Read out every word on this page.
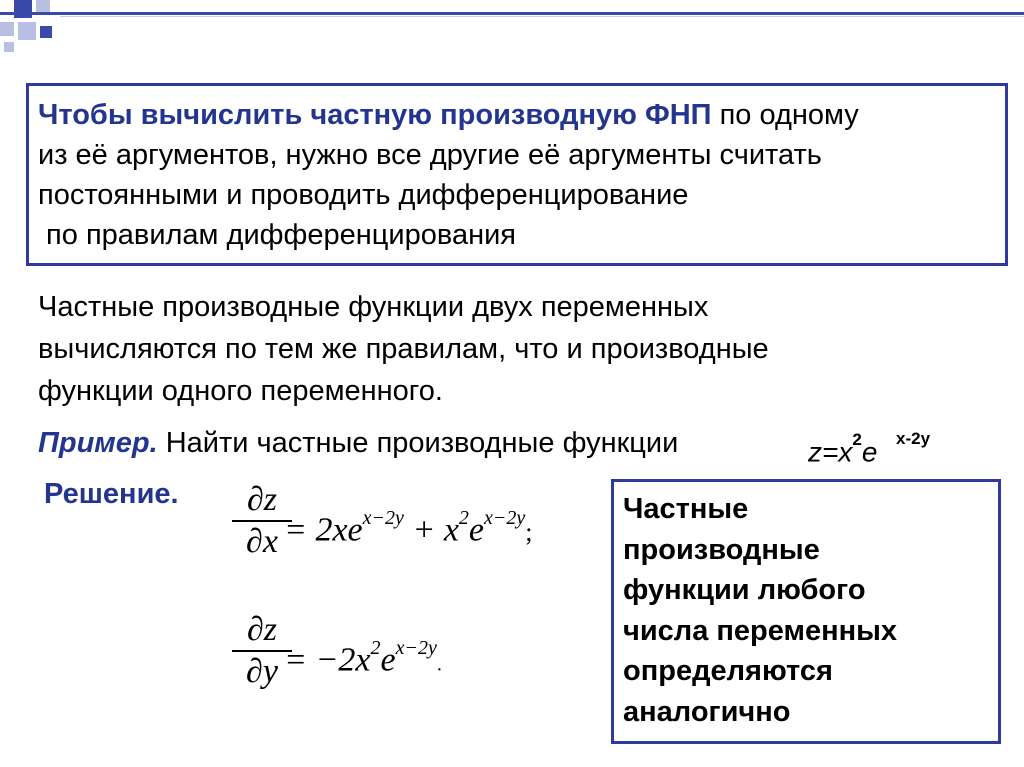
Чтобы вычислить частную производную ФНП по одному
из её аргументов, нужно все другие её аргументы считать
постоянными и проводить дифференцирование
по правилам дифференцирования
Частные производные функции двух переменных
вычисляются по тем же правилам, что и производные
функции одного переменного.
Пример. Найти частные производные функции	$z=x^2e$ x-2y
Решение.	∂z
$\partial x = 2xe^{x-2y} + x^2e^{x-2y}$;
∂z
$\partial y = -2x^2e^{x-2y}$.
Частные
производные
функции любого
числа переменных
определяются
аналогично
